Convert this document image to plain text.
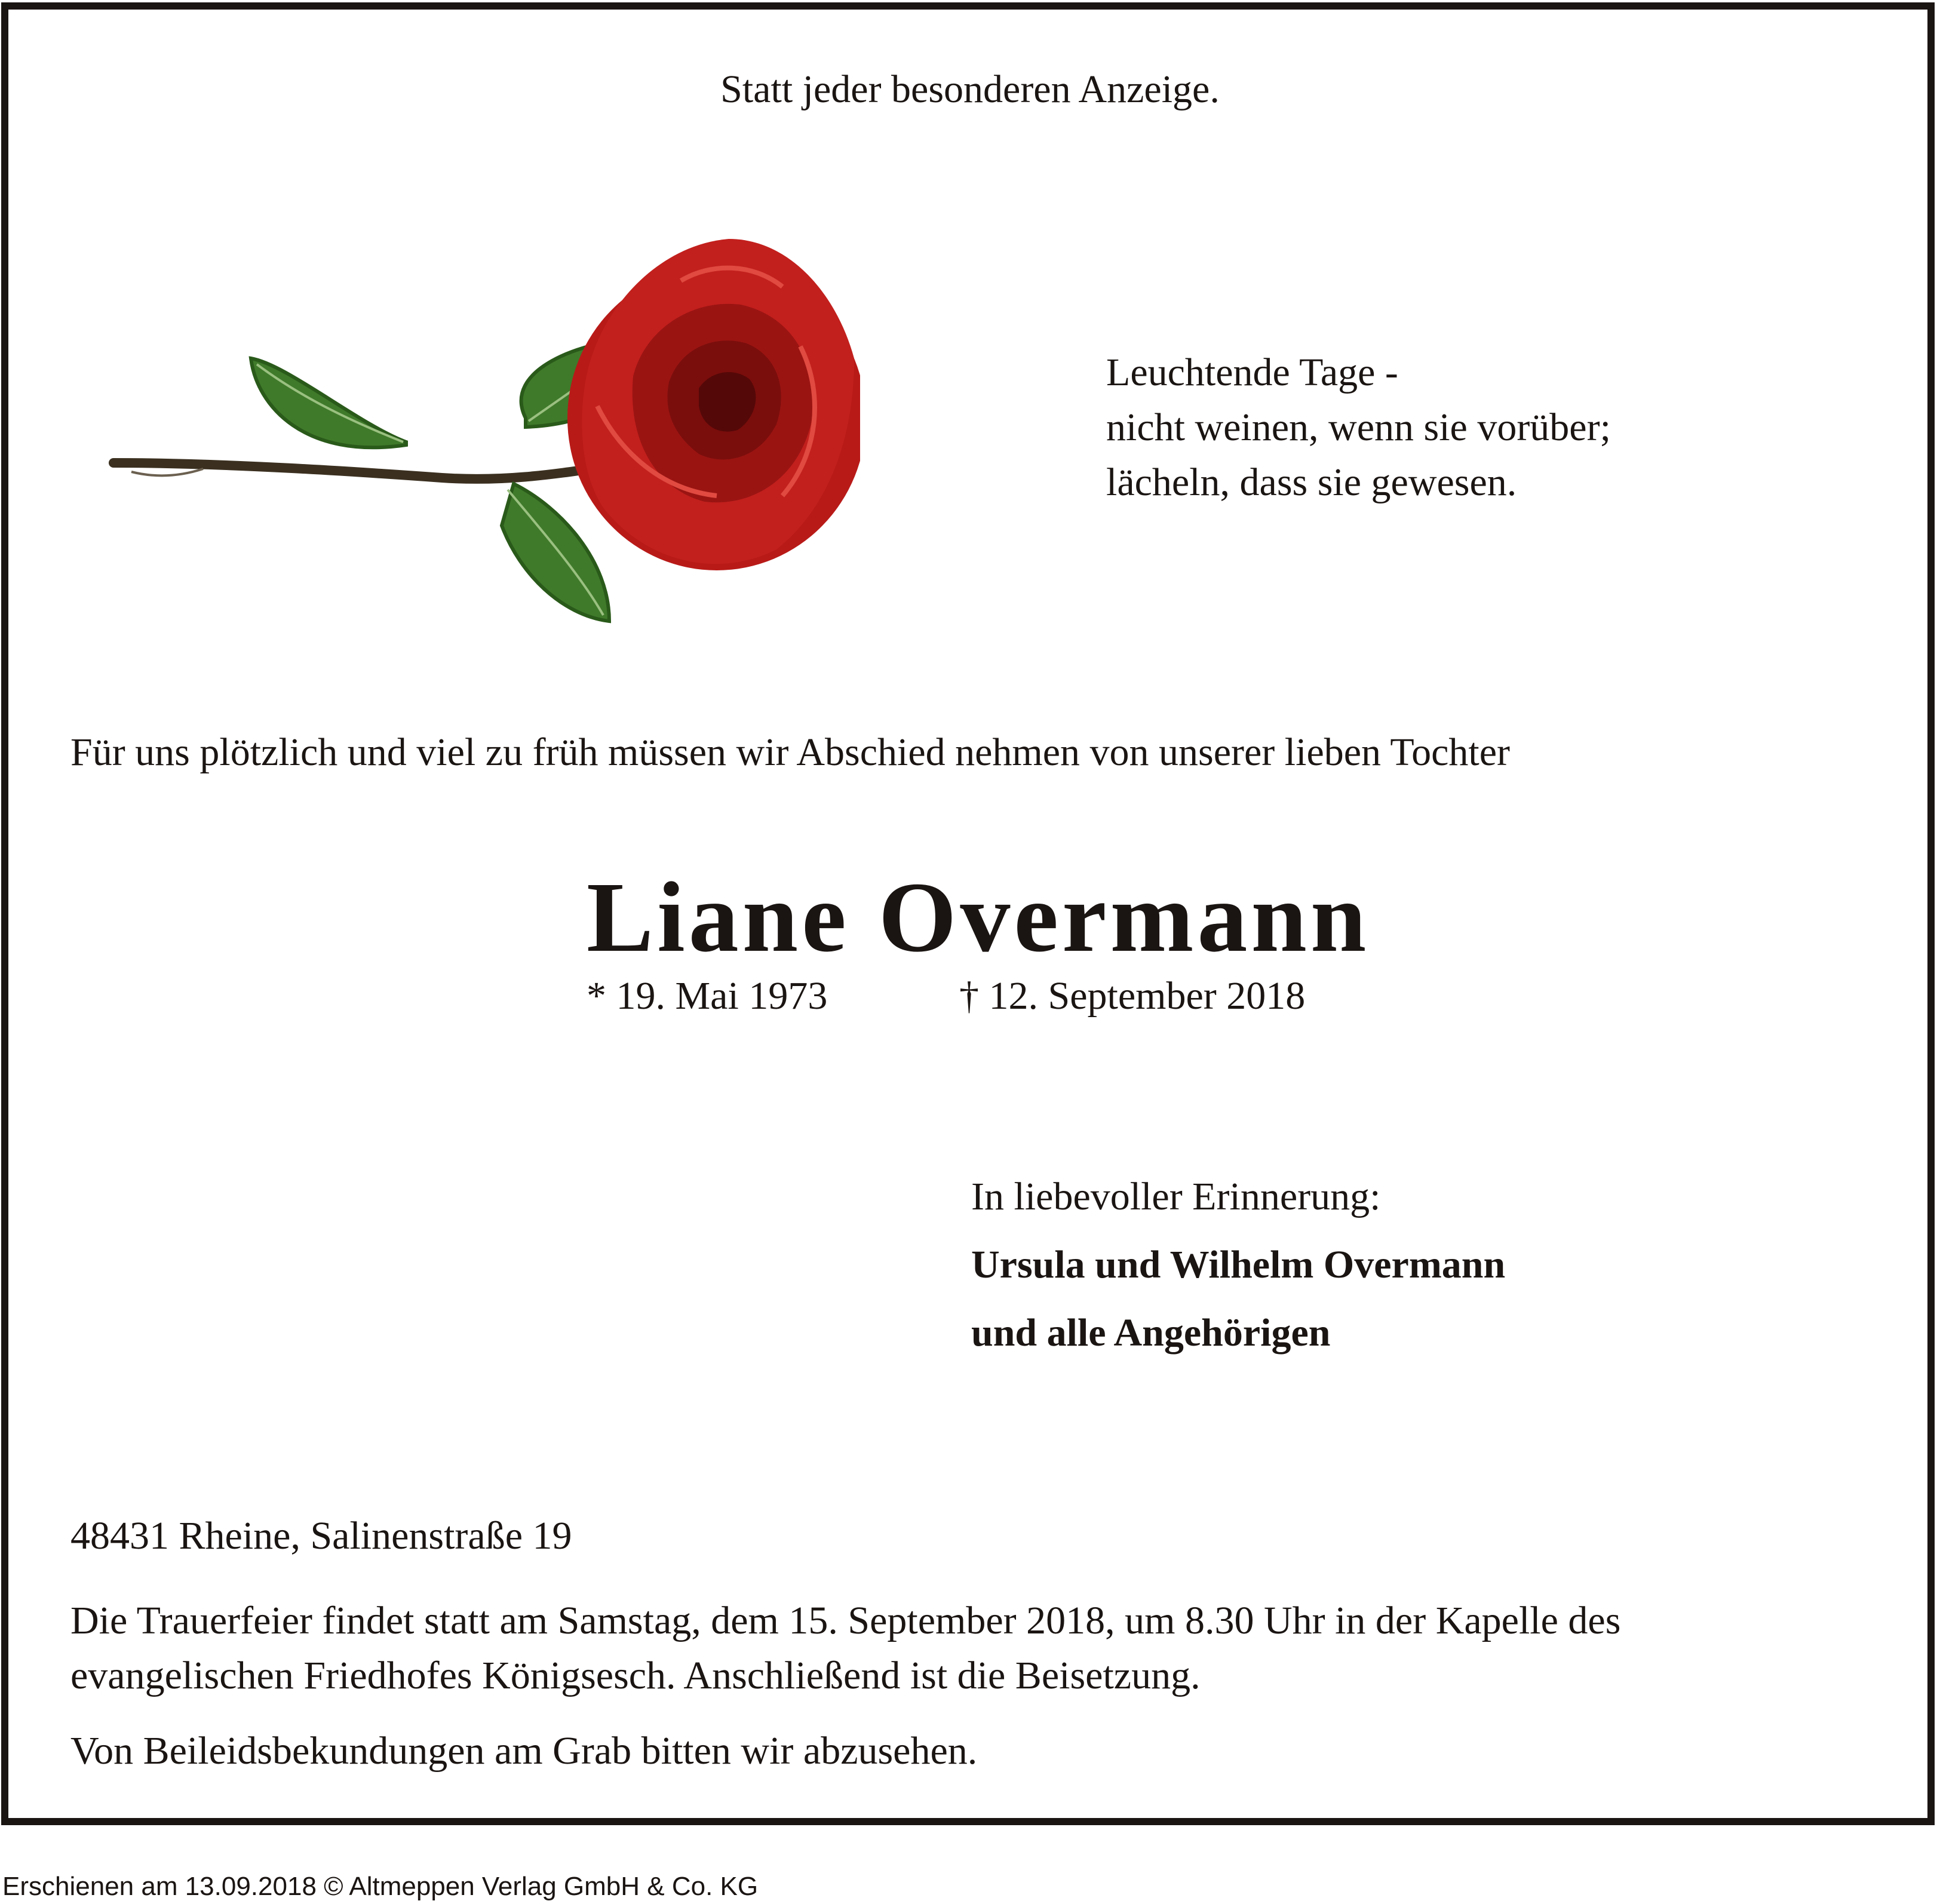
Statt jeder besonderen Anzeige.
Leuchtende Tage -
nicht weinen, wenn sie vorüber;
lächeln, dass sie gewesen.
Für uns plötzlich und viel zu früh müssen wir Abschied nehmen von unserer lieben Tochter
Liane Overmann
* 19. Mai 1973	† 12. September 2018
In liebevoller Erinnerung:
Ursula und Wilhelm Overmann
und alle Angehörigen
48431 Rheine, Salinenstraße 19
Die Trauerfeier findet statt am Samstag, dem 15. September 2018, um 8.30 Uhr in der Kapelle des
evangelischen Friedhofes Königsesch. Anschließend ist die Beisetzung.
Von Beileidsbekundungen am Grab bitten wir abzusehen.
Erschienen am 13.09.2018 © Altmeppen Verlag GmbH & Co. KG
